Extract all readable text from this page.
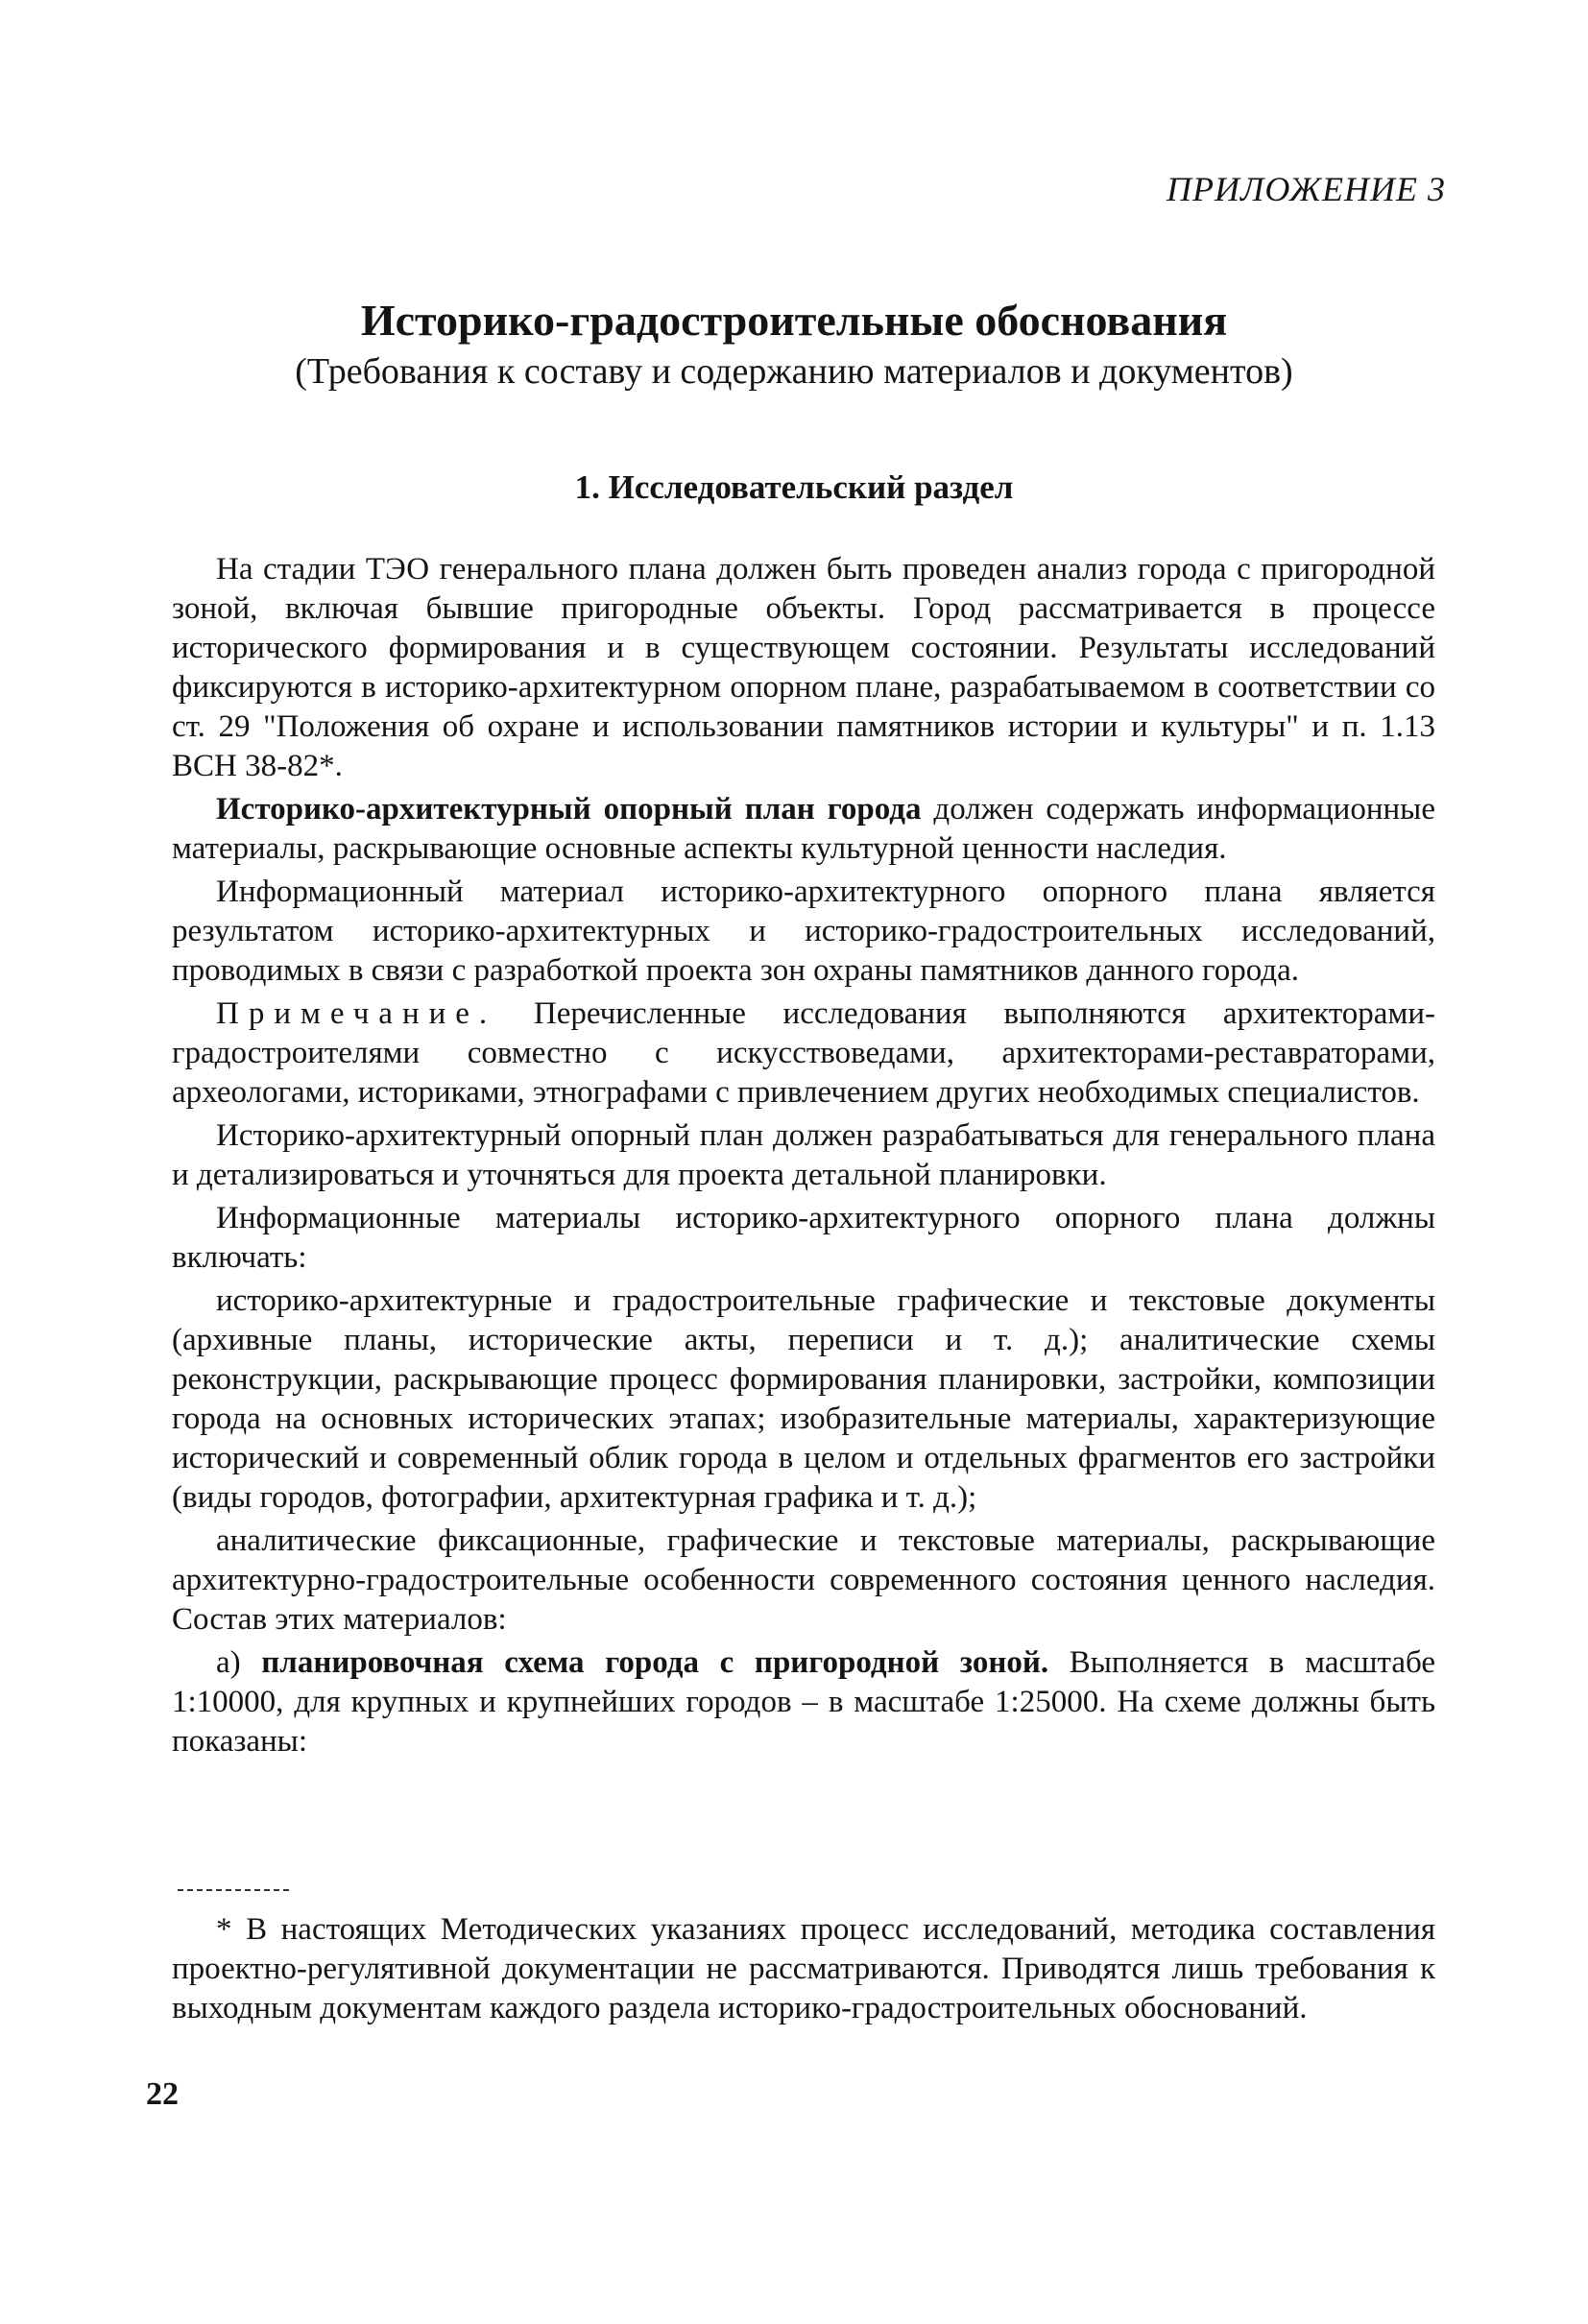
ПРИЛОЖЕНИЕ 3

Историко-градостроительные обоснования

(Требования к составу и содержанию материалов и документов)

1. Исследовательский раздел

На стадии ТЭО генерального плана должен быть проведен анализ города с пригородной зоной, включая бывшие пригородные объекты. Город рассматривается в процессе исторического формирования и в существующем состоянии. Результаты исследований фиксируются в историко-архитектурном опорном плане, разрабатываемом в соответствии со ст. 29 "Положения об охране и использовании памятников истории и культуры" и п. 1.13 ВСН 38-82*.

Историко-архитектурный опорный план города должен содержать информационные материалы, раскрывающие основные аспекты культурной ценности наследия.

Информационный материал историко-архитектурного опорного плана является результатом историко-архитектурных и историко-градостроительных исследований, проводимых в связи с разработкой проекта зон охраны памятников данного города.

Примечание. Перечисленные исследования выполняются архитекторами-градостроителями совместно с искусствоведами, архитекторами-реставраторами, археологами, историками, этнографами с привлечением других необходимых специалистов.

Историко-архитектурный опорный план должен разрабатываться для генерального плана и детализироваться и уточняться для проекта детальной планировки.

Информационные материалы историко-архитектурного опорного плана должны включать:

историко-архитектурные и градостроительные графические и текстовые документы (архивные планы, исторические акты, переписи и т. д.); аналитические схемы реконструкции, раскрывающие процесс формирования планировки, застройки, композиции города на основных исторических этапах; изобразительные материалы, характеризующие исторический и современный облик города в целом и отдельных фрагментов его застройки (виды городов, фотографии, архитектурная графика и т. д.);

аналитические фиксационные, графические и текстовые материалы, раскрывающие архитектурно-градостроительные особенности современного состояния ценного наследия. Состав этих материалов:

а) планировочная схема города с пригородной зоной. Выполняется в масштабе 1:10000, для крупных и крупнейших городов – в масштабе 1:25000. На схеме должны быть показаны:

* В настоящих Методических указаниях процесс исследований, методика составления проектно-регулятивной документации не рассматриваются. Приводятся лишь требования к выходным документам каждого раздела историко-градостроительных обоснований.

22
